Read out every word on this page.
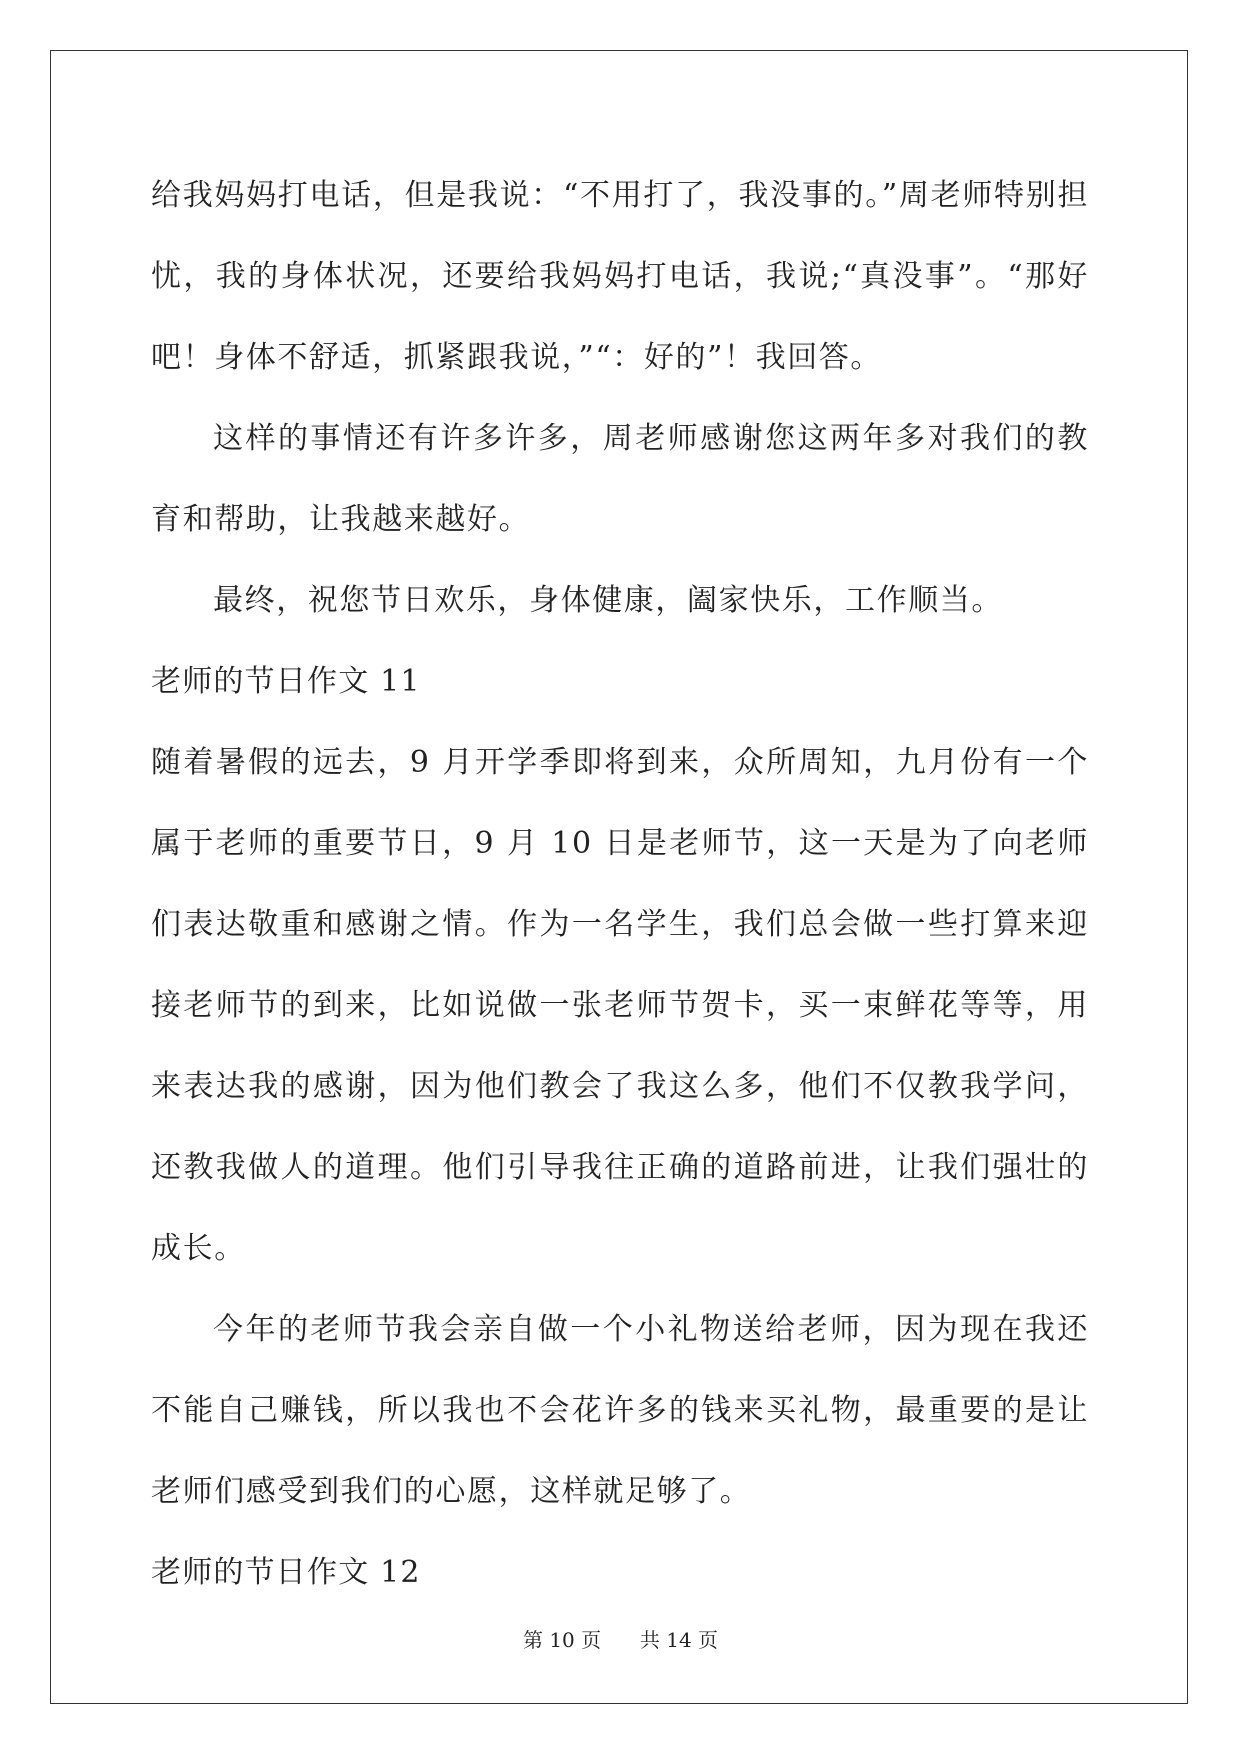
给我妈妈打电话，但是我说：“不用打了，我没事的。”周老师特别担忧，我的身体状况，还要给我妈妈打电话，我说;“真没事”。“那好吧！身体不舒适，抓紧跟我说，”“：好的”！我回答。

这样的事情还有许多许多，周老师感谢您这两年多对我们的教育和帮助，让我越来越好。

最终，祝您节日欢乐，身体健康，阖家快乐，工作顺当。

老师的节日作文 11

随着暑假的远去，9 月开学季即将到来，众所周知，九月份有一个属于老师的重要节日，9 月 10 日是老师节，这一天是为了向老师们表达敬重和感谢之情。作为一名学生，我们总会做一些打算来迎接老师节的到来，比如说做一张老师节贺卡，买一束鲜花等等，用来表达我的感谢，因为他们教会了我这么多，他们不仅教我学问，还教我做人的道理。他们引导我往正确的道路前进，让我们强壮的成长。

今年的老师节我会亲自做一个小礼物送给老师，因为现在我还不能自己赚钱，所以我也不会花许多的钱来买礼物，最重要的是让老师们感受到我们的心愿，这样就足够了。

老师的节日作文 12

第 10 页 共 14 页
